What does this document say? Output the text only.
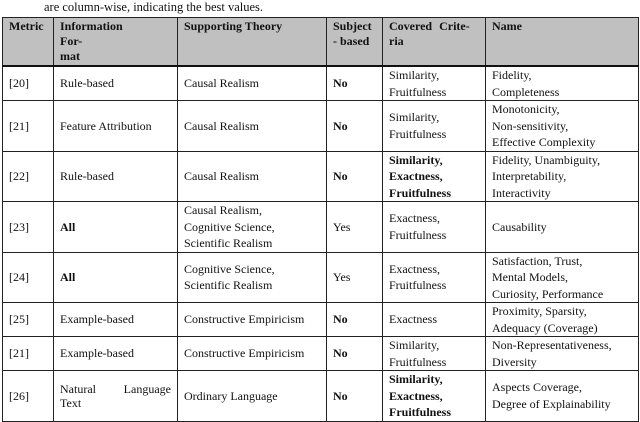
are column-wise, indicating the best values.
Metric	Information For-
mat	Supporting Theory	Subject
- based	Covered Crite-
ria	Name

[20]	Rule-based	Causal Realism	No	Similarity,
Fruitfulness	Fidelity,
Completeness

[21]	Feature Attribution	Causal Realism	No	Similarity,
Fruitfulness	Monotonicity,
Non-sensitivity,
Effective Complexity

[22]	Rule-based	Causal Realism	No	Similarity,
Exactness,
Fruitfulness	Fidelity, Unambiguity,
Interpretability,
Interactivity

[23]	All	Causal Realism,
Cognitive Science,
Scientific Realism	Yes	Exactness,
Fruitfulness	Causability

[24]	All	Cognitive Science,
Scientific Realism	Yes	Exactness,
Fruitfulness	Satisfaction, Trust,
Mental Models,
Curiosity, Performance

[25]	Example-based	Constructive Empiricism	No	Exactness	Proximity, Sparsity,
Adequacy (Coverage)

[21]	Example-based	Constructive Empiricism	No	Similarity,
Fruitfulness	Non-Representativeness,
Diversity

[26]	Natural Language Text	Ordinary Language	No	Similarity,
Exactness,
Fruitfulness	Aspects Coverage,
Degree of Explainability
